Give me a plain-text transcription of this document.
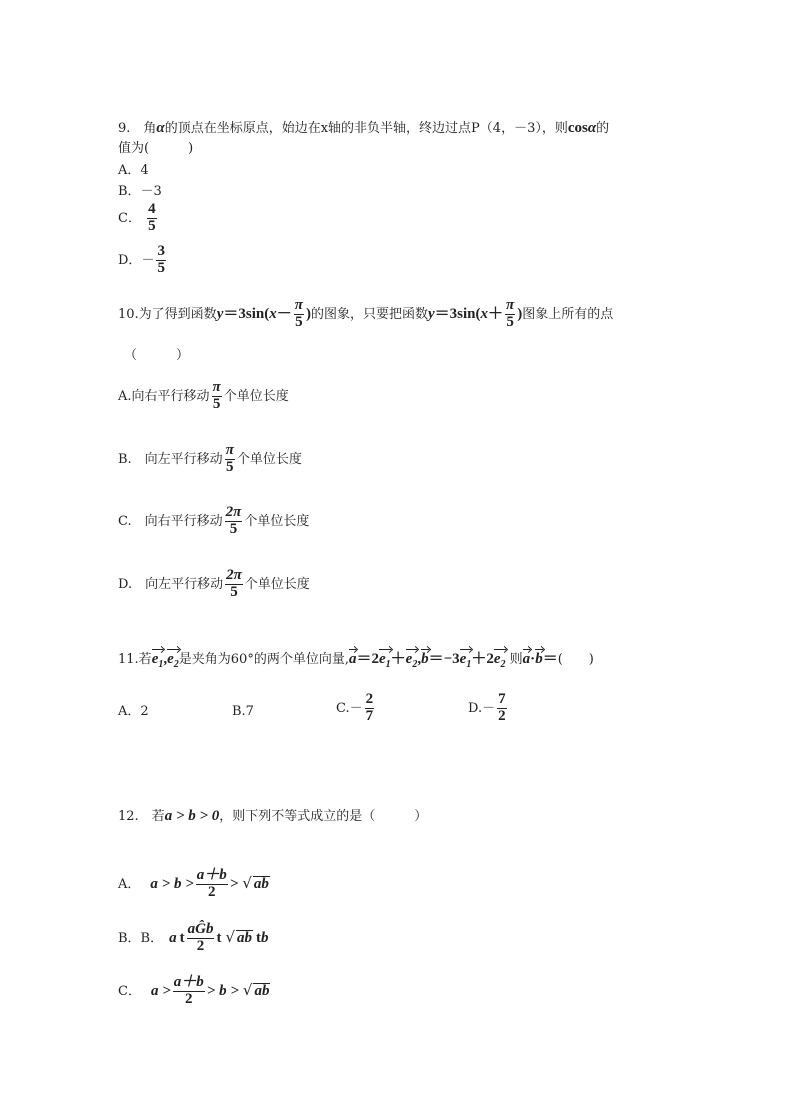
9.　角α的顶点在坐标原点，始边在x轴的非负半轴，终边过点P（4，－3），则cosα的
值为(　　　)
A．4
B．－3
C． $\frac{4}{5}$
D．－ $\frac{3}{5}$
10.为了得到函数$y=3\sin(x- \frac{\pi}{5}$ )的图象，只要把函数$y=3\sin(x+ \frac{\pi}{5}$ )图象上所有的点
（　　　）
A.向右平行移动 $\frac{\pi}{5}$ 个单位长度
B.　向左平行移动 $\frac{\pi}{5}$ 个单位长度
C.　向右平行移动 $\frac{2\pi}{5}$ 个单位长度
D.　向左平行移动 $\frac{2\pi}{5}$ 个单位长度
11.若$e_1,e_2$是夹角为60°的两个单位向量$,a=2e_1+e_2,b=-3e_1+2e_2$ 则a·b＝(　　)
A．2	B.7	$C.- \frac{2}{7}$	$D.- \frac{7}{2}$
12.　若a > b > 0，则下列不等式成立的是（　　　）
A． $a > b > \frac{a+b}{2}$ > √ ab
B．B． a t $\frac{\text{aĜb}}{2}$ t √ ab tb
C． $a > \frac{a+b}{2} > b$ > √ ab
